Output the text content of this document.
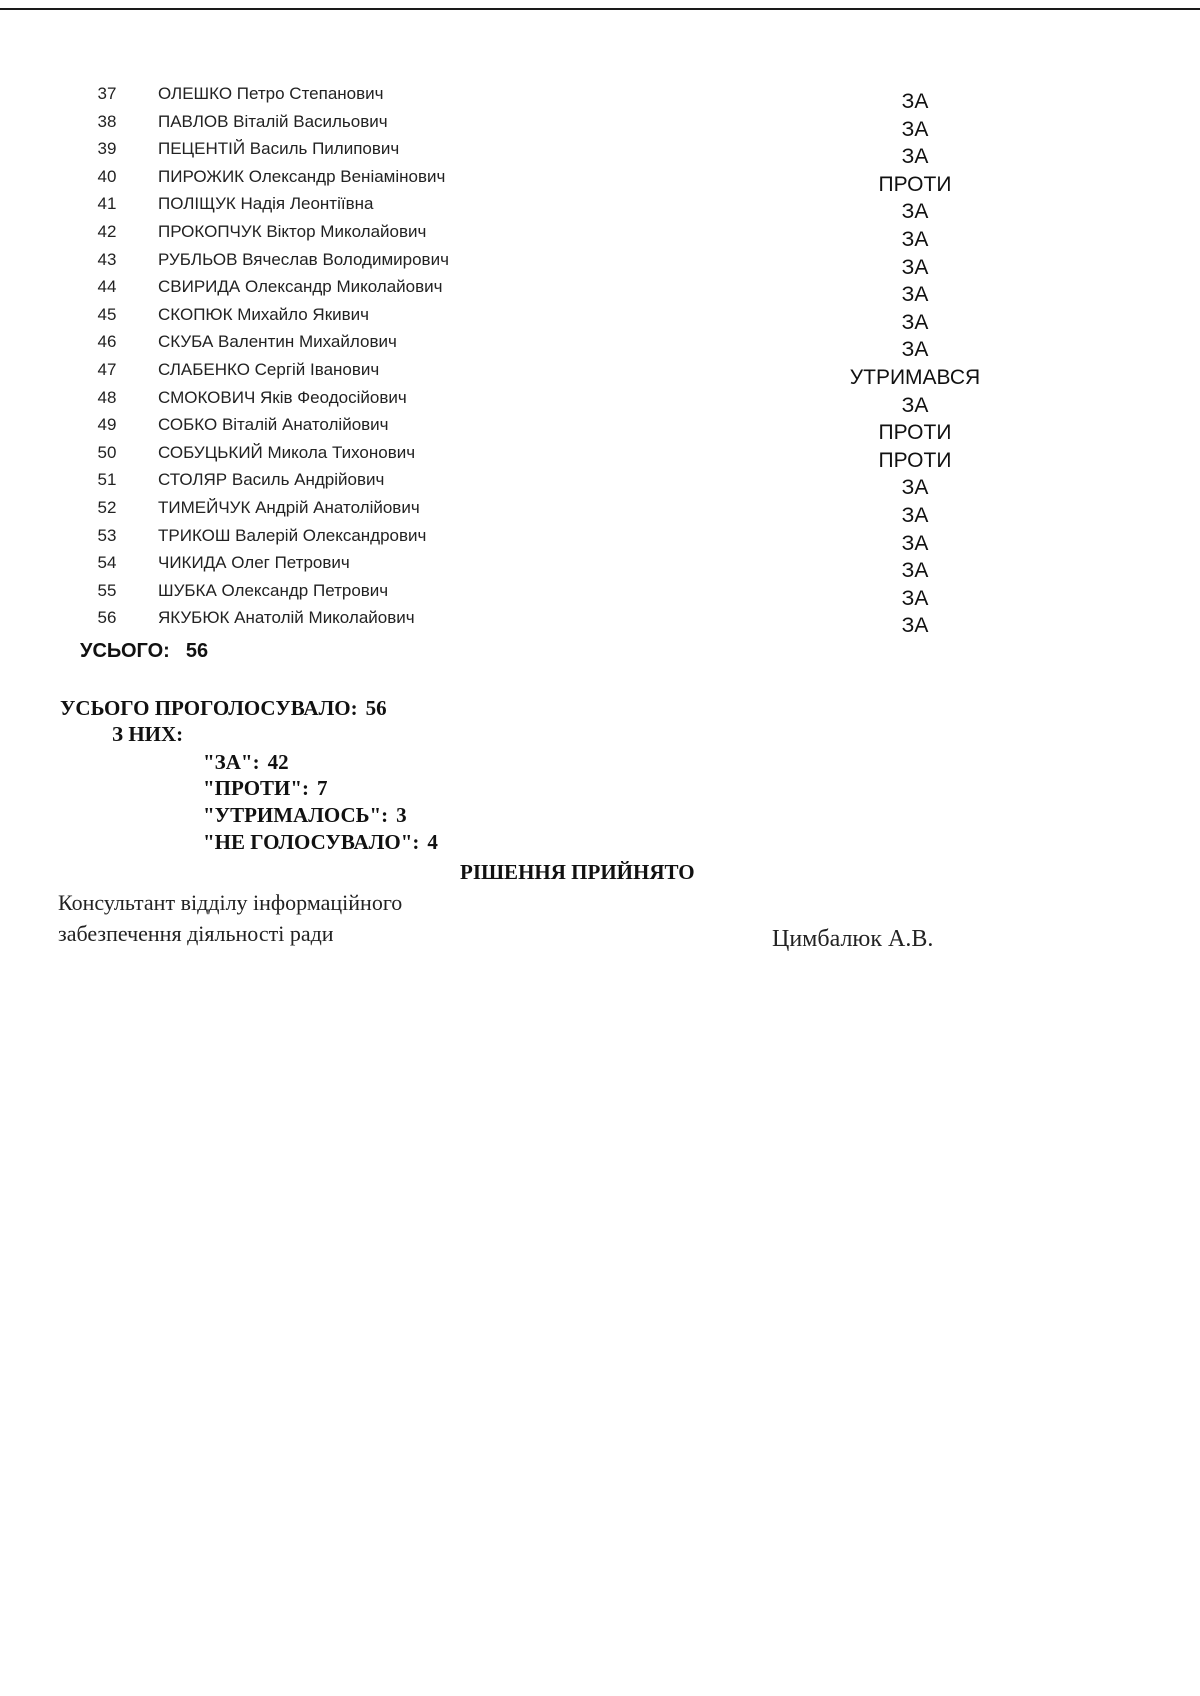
37 ОЛЕШКО Петро Степанович	ЗА
38 ПАВЛОВ Віталій Васильович	ЗА
39 ПЕЦЕНТІЙ Василь Пилипович	ЗА
40 ПИРОЖИК Олександр Веніамінович	ПРОТИ
41 ПОЛІЩУК Надія Леонтіївна	ЗА
42 ПРОКОПЧУК Віктор Миколайович	ЗА
43 РУБЛЬОВ Вячеслав Володимирович	ЗА
44 СВИРИДА Олександр Миколайович	ЗА
45 СКОПЮК Михайло Якивич	ЗА
46 СКУБА Валентин Михайлович	ЗА
47 СЛАБЕНКО Сергій Іванович	УТРИМАВСЯ
48 СМОКОВИЧ Яків Феодосійович	ЗА
49 СОБКО Віталій Анатолійович	ПРОТИ
50 СОБУЦЬКИЙ Микола Тихонович	ПРОТИ
51 СТОЛЯР Василь Андрійович	ЗА
52 ТИМЕЙЧУК Андрій Анатолійович	ЗА
53 ТРИКОШ Валерій Олександрович	ЗА
54 ЧИКИДА Олег Петрович	ЗА
55 ШУБКА Олександр Петрович	ЗА
56 ЯКУБЮК Анатолій Миколайович	ЗА
УСЬОГО: 56
УСЬОГО ПРОГОЛОСУВАЛО: 56
З НИХ:
"ЗА": 42
"ПРОТИ": 7
"УТРИМАЛОСЬ": 3
"НЕ ГОЛОСУВАЛО": 4
РІШЕННЯ ПРИЙНЯТО
Консультант відділу інформаційного
забезпечення діяльності ради	Цимбалюк А.В.
